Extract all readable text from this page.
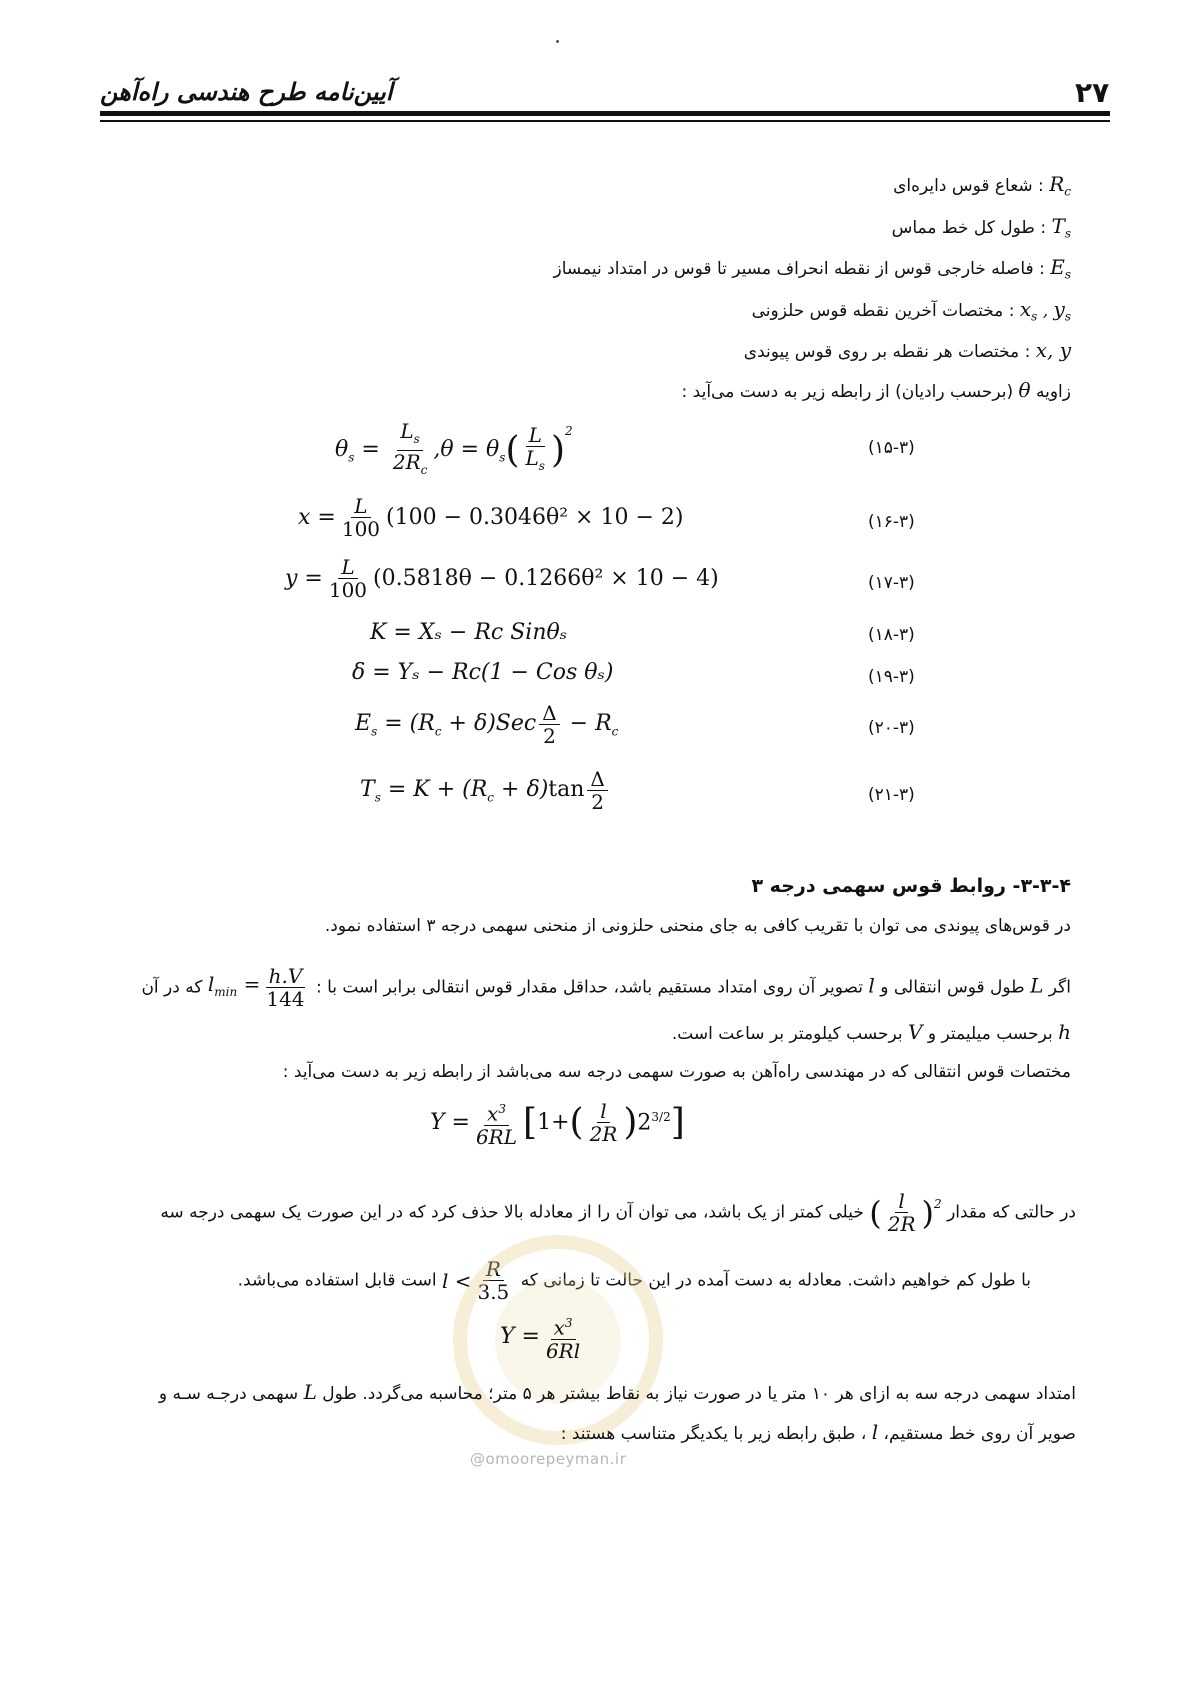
آیین‌نامه طرح هندسی راه‌آهن	۲۷
$R_c$ : شعاع قوس دایره‌ای
$T_s$ : طول کل خط مماس
$E_s$ : فاصله خارجی قوس از نقطه انحراف مسیر تا قوس در امتداد نیمساز
$x_s$ , $y_s$ : مختصات آخرین نقطه قوس حلزونی
x, y : مختصات هر نقطه بر روی قوس پیوندی
زاویه θ (برحسب رادیان) از رابطه زیر به دست می‌آید :
$\theta_s = \frac{L_s}{2R_c} ,\theta = \theta_s$ ( $\frac{L}{L_s} )^2$
(۱۵-۳)
$x = \frac{L}{100} (100 - 0.3046\theta^2 \times 10 - 2)$	(۱۶-۳)
$y = \frac{L}{100} (0.5818\theta - 0.1266\theta^2 \times 10 - 4)$	(۱۷-۳)
K = Xₛ − Rc Sinθₛ	(۱۸-۳)
δ = Yₛ − Rc(1 − Cos θₛ)	(۱۹-۳)
$E_s = (R_c + \delta)Sec \frac{\Delta}{2} - R_c$	(۲۰-۳)
$T_s = K + (R_c + \delta)\tan \frac{\Delta}{2}$	(۲۱-۳)
۳-۳-۴- روابط قوس سهمی درجه ۳
در قوس‌های پیوندی می توان با تقریب کافی به جای منحنی حلزونی از منحنی سهمی درجه ۳ استفاده نمود.
اگر L طول قوس انتقالی و l تصویر آن روی امتداد مستقیم باشد، حداقل مقدار قوس انتقالی برابر است با :
$l_{min} = \frac{h.V}{144}$
که در آن
h برحسب میلیمتر و V برحسب کیلومتر بر ساعت است.
مختصات قوس انتقالی که در مهندسی راه‌آهن به صورت سهمی درجه سه می‌باشد از رابطه زیر به دست می‌آید :
$Y = \frac{x^3}{6RL}$ [ 1+ ( $\frac{l}{2R}$ ) $2^{3/2}$ ]
در حالتی که مقدار
( $\frac{l}{2R} )^2$
خیلی کمتر از یک باشد، می توان آن را از معادله بالا حذف کرد که در این صورت یک سهمی درجه سه
با طول کم خواهیم داشت. معادله به دست آمده در این حالت تا زمانی که
$l < \frac{R}{3.5}$
است قابل استفاده می‌باشد.
$Y = \frac{x^3}{6Rl}$
امتداد سهمی درجه سه به ازای هر ۱۰ متر یا در صورت نیاز به نقاط بیشتر هر ۵ متر؛ محاسبه می‌گردد. طول L سهمی درجـه سـه و
صویر آن روی خط مستقیم، l ، طبق رابطه زیر با یکدیگر متناسب هستند :
@omoorepeyman.ir
